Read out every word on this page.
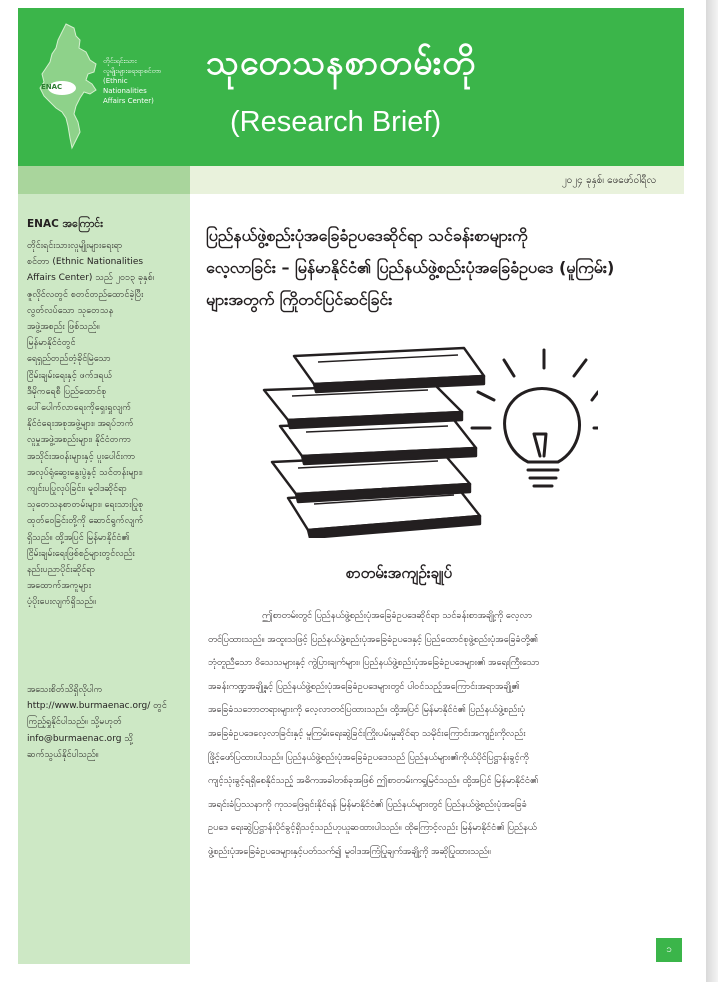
ENAC
တိုင်းရင်းသား
လူမျိုးများရေးရာစင်တာ
(Ethnic
Nationalities
Affairs Center)
သုတေသနစာတမ်းတို
(Research Brief)
၂၀၂၄ ခုနှစ်၊ ဖေဖော်ဝါရီလ
ENAC အကြောင်း
တိုင်းရင်းသားလူမျိုးများရေးရာ
စင်တာ (Ethnic Nationalities
Affairs Center) သည် ၂၀၁၃ ခုနှစ်၊
ဇူလိုင်လတွင် စတင်တည်ထောင်ခဲ့ပြီး
လွတ်လပ်သော သုတေသန
အဖွဲ့အစည်း ဖြစ်သည်။
မြန်မာနိုင်ငံတွင်
ရေရှည်တည်တံ့ခိုင်မြဲသော
ငြိမ်းချမ်းရေးနှင့် ဖက်ဒရယ်
ဒီမိုကရေစီ ပြည်ထောင်စု
ပေါ်ပေါက်လာရေးကိုရှေးရှုလျက်
နိုင်ငံရေးအစုအဖွဲ့များ၊ အရပ်ဘက်
လူမှုအဖွဲ့အစည်းများ၊ နိုင်ငံတကာ
အသိုင်းအဝန်းများနှင့် ပူးပေါင်းကာ
အလုပ်ရုံဆွေးနွေးပွဲနှင့် သင်တန်းများ၊
ကျင်းပပြုလုပ်ခြင်း၊ မူဝါဒဆိုင်ရာ
သုတေသနစာတမ်းများ၊ ရေးသားပြုစု
ထုတ်ဝေခြင်းတို့ကို ဆောင်ရွက်လျက်
ရှိသည်။ ထို့အပြင် မြန်မာနိုင်ငံ၏
ငြိမ်းချမ်းရေးဖြစ်စဉ်များတွင်လည်း
နည်းပညာပိုင်းဆိုင်ရာ
အထောက်အကူများ
ပံ့ပိုးပေးလျက်ရှိသည်။
အသေးစိတ်သိရှိလိုပါက
http://www.burmaenac.org/ တွင်
ကြည့်ရှုနိုင်ပါသည်။ သို့မဟုတ်
info@burmaenac.org သို့
ဆက်သွယ်နိုင်ပါသည်။
ပြည်နယ်ဖွဲ့စည်းပုံအခြေခံဥပဒေဆိုင်ရာ သင်ခန်းစာများကို
လေ့လာခြင်း – မြန်မာနိုင်ငံ၏ ပြည်နယ်ဖွဲ့စည်းပုံအခြေခံဥပဒေ (မူကြမ်း)
များအတွက် ကြိုတင်ပြင်ဆင်ခြင်း
စာတမ်းအကျဉ်းချုပ်
ဤစာတမ်းတွင် ပြည်နယ်ဖွဲ့စည်းပုံအခြေခံဥပဒေဆိုင်ရာ သင်ခန်းစာအချို့ကို လေ့လာ
တင်ပြထားသည်။ အထူးသဖြင့် ပြည်နယ်ဖွဲ့စည်းပုံအခြေခံဥပဒေနှင့် ပြည်ထောင်စုဖွဲ့စည်းပုံအခြေခံတို့၏
ဘုံတူညီသော ဝိသေသများနှင့် ကွဲပြားချက်များ၊ ပြည်နယ်ဖွဲ့စည်းပုံအခြေခံဥပဒေများ၏ အရေးကြီးသော
အခန်းကဏ္ဍအချို့နှင့် ပြည်နယ်ဖွဲ့စည်းပုံအခြေခံဥပဒေများတွင် ပါဝင်သည့်အကြောင်းအရာအချို့၏
အခြေခံသဘောတရားများကို လေ့လာတင်ပြထားသည်။ ထို့အပြင် မြန်မာနိုင်ငံ၏ ပြည်နယ်ဖွဲ့စည်းပုံ
အခြေခံဥပဒေလေ့လာခြင်းနှင့် မူကြမ်းရေးဆွဲခြင်းကြိုးပမ်းမှုဆိုင်ရာ သမိုင်းကြောင်းအကျဉ်းကိုလည်း
ဖြိုင့်ဖော်ပြထားပါသည်။ ပြည်နယ်ဖွဲ့စည်းပုံအခြေခံဥပဒေသည် ပြည်နယ်များ၏ကိုယ်ပိုင်ပြဋ္ဌာန်းခွင့်ကို
ကျင့်သုံးခွင့်ရရှိစေနိုင်သည့် အဓိကအခါတစ်ခုအဖြစ် ဤစာတမ်းကရှုမြင်သည်။ ထို့အပြင် မြန်မာနိုင်ငံ၏
အရင်းခံပြဿနာကို ကုသဖြေရှင်းနိုင်ရန် မြန်မာနိုင်ငံ၏ ပြည်နယ်များတွင် ပြည်နယ်ဖွဲ့စည်းပုံအခြေခံ
ဥပဒေ ရေးဆွဲပြဋ္ဌာန်းပိုင်ခွင့်ရှိသင့်သည်ဟုယူဆထားပါသည်။ ထိုကြောင့်လည်း မြန်မာနိုင်ငံ၏ ပြည်နယ်
ဖွဲ့စည်းပုံအခြေခံဥပဒေများနှင့်ပတ်သက်၍ မူဝါဒအကြံပြုချက်အချို့ကို အဆိုပြုထားသည်။
၁
